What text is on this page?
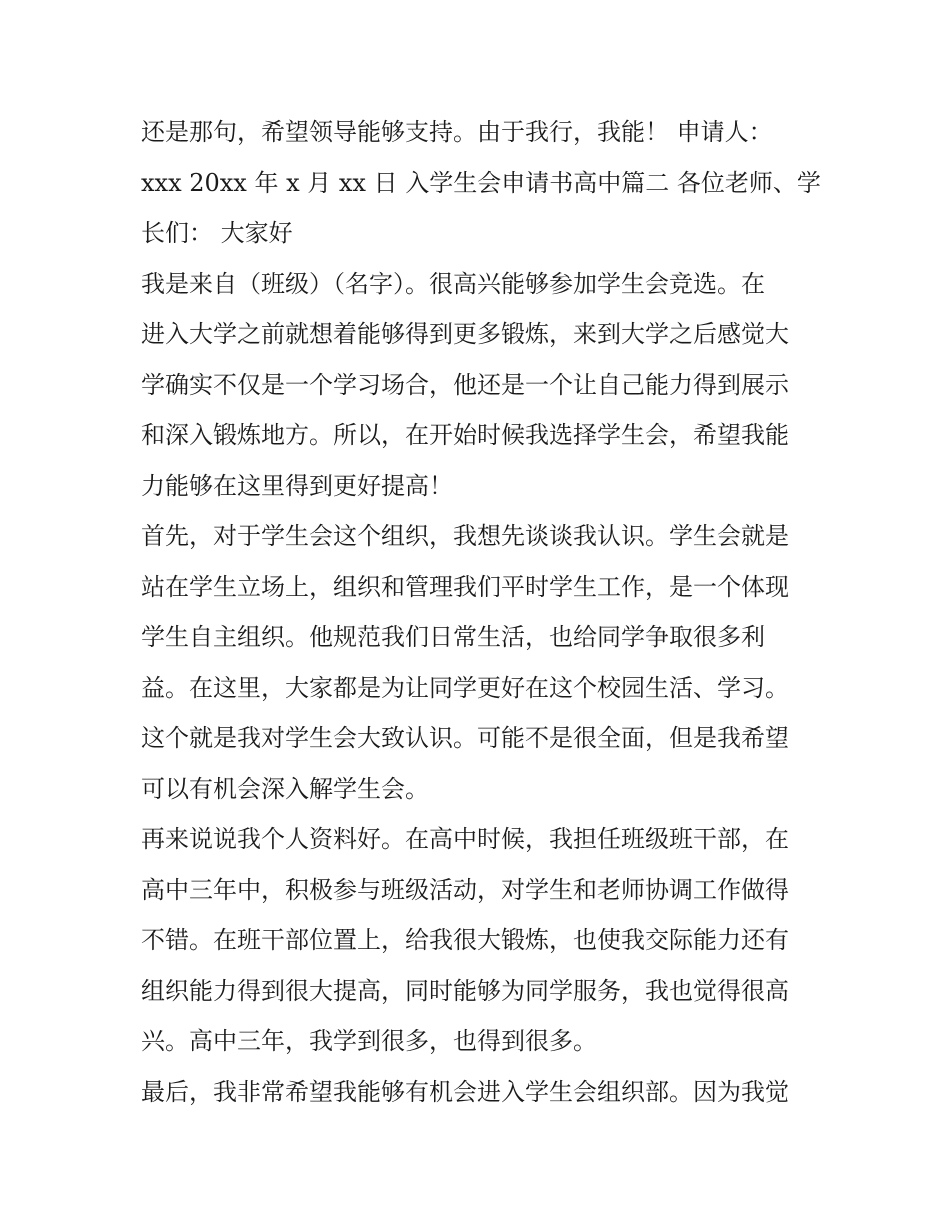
还是那句，希望领导能够支持。由于我行，我能！ 申请人：
xxx 20xx 年 x 月 xx 日 入学生会申请书高中篇二 各位老师、学
长们： 大家好

我是来自（班级）（名字）。很高兴能够参加学生会竞选。在
进入大学之前就想着能够得到更多锻炼，来到大学之后感觉大
学确实不仅是一个学习场合，他还是一个让自己能力得到展示
和深入锻炼地方。所以，在开始时候我选择学生会，希望我能
力能够在这里得到更好提高！

首先，对于学生会这个组织，我想先谈谈我认识。学生会就是
站在学生立场上，组织和管理我们平时学生工作，是一个体现
学生自主组织。他规范我们日常生活，也给同学争取很多利
益。在这里，大家都是为让同学更好在这个校园生活、学习。
这个就是我对学生会大致认识。可能不是很全面，但是我希望
可以有机会深入解学生会。

再来说说我个人资料好。在高中时候，我担任班级班干部，在
高中三年中，积极参与班级活动，对学生和老师协调工作做得
不错。在班干部位置上，给我很大锻炼，也使我交际能力还有
组织能力得到很大提高，同时能够为同学服务，我也觉得很高
兴。高中三年，我学到很多，也得到很多。

最后，我非常希望我能够有机会进入学生会组织部。因为我觉
